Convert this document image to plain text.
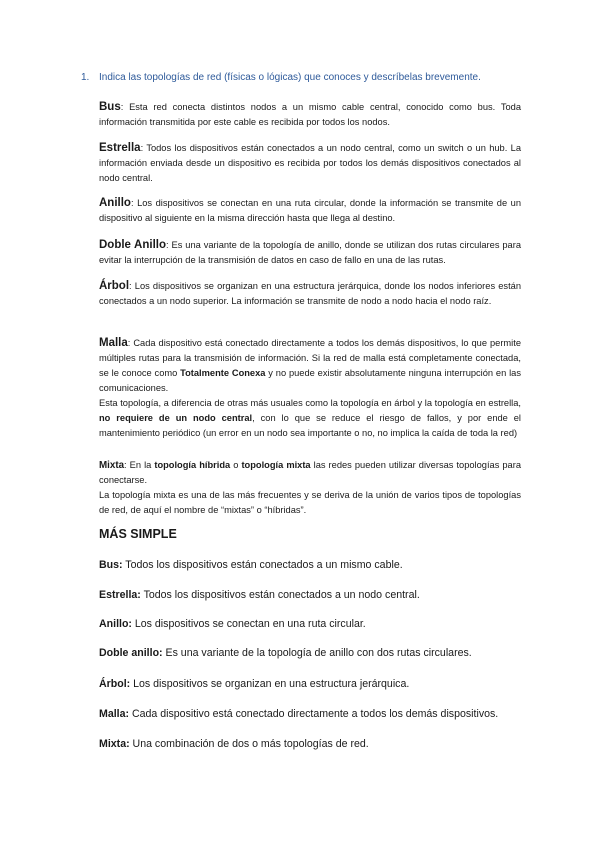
1. Indica las topologías de red (físicas o lógicas) que conoces y descríbelas brevemente.

Bus: Esta red conecta distintos nodos a un mismo cable central, conocido como bus. Toda información transmitida por este cable es recibida por todos los nodos.

Estrella: Todos los dispositivos están conectados a un nodo central, como un switch o un hub. La información enviada desde un dispositivo es recibida por todos los demás dispositivos conectados al nodo central.

Anillo: Los dispositivos se conectan en una ruta circular, donde la información se transmite de un dispositivo al siguiente en la misma dirección hasta que llega al destino.

Doble Anillo: Es una variante de la topología de anillo, donde se utilizan dos rutas circulares para evitar la interrupción de la transmisión de datos en caso de fallo en una de las rutas.

Árbol: Los dispositivos se organizan en una estructura jerárquica, donde los nodos inferiores están conectados a un nodo superior. La información se transmite de nodo a nodo hacia el nodo raíz.

Malla: Cada dispositivo está conectado directamente a todos los demás dispositivos, lo que permite múltiples rutas para la transmisión de información. Si la red de malla está completamente conectada, se le conoce como Totalmente Conexa y no puede existir absolutamente ninguna interrupción en las comunicaciones.

Esta topología, a diferencia de otras más usuales como la topología en árbol y la topología en estrella, no requiere de un nodo central, con lo que se reduce el riesgo de fallos, y por ende el mantenimiento periódico (un error en un nodo sea importante o no, no implica la caída de toda la red)

Mixta: En la topología híbrida o topología mixta las redes pueden utilizar diversas topologías para conectarse.

La topología mixta es una de las más frecuentes y se deriva de la unión de varios tipos de topologías de red, de aquí el nombre de “mixtas” o “híbridas”.

MÁS SIMPLE
Bus: Todos los dispositivos están conectados a un mismo cable.
Estrella: Todos los dispositivos están conectados a un nodo central.
Anillo: Los dispositivos se conectan en una ruta circular.
Doble anillo: Es una variante de la topología de anillo con dos rutas circulares.
Árbol: Los dispositivos se organizan en una estructura jerárquica.
Malla: Cada dispositivo está conectado directamente a todos los demás dispositivos.
Mixta: Una combinación de dos o más topologías de red.
